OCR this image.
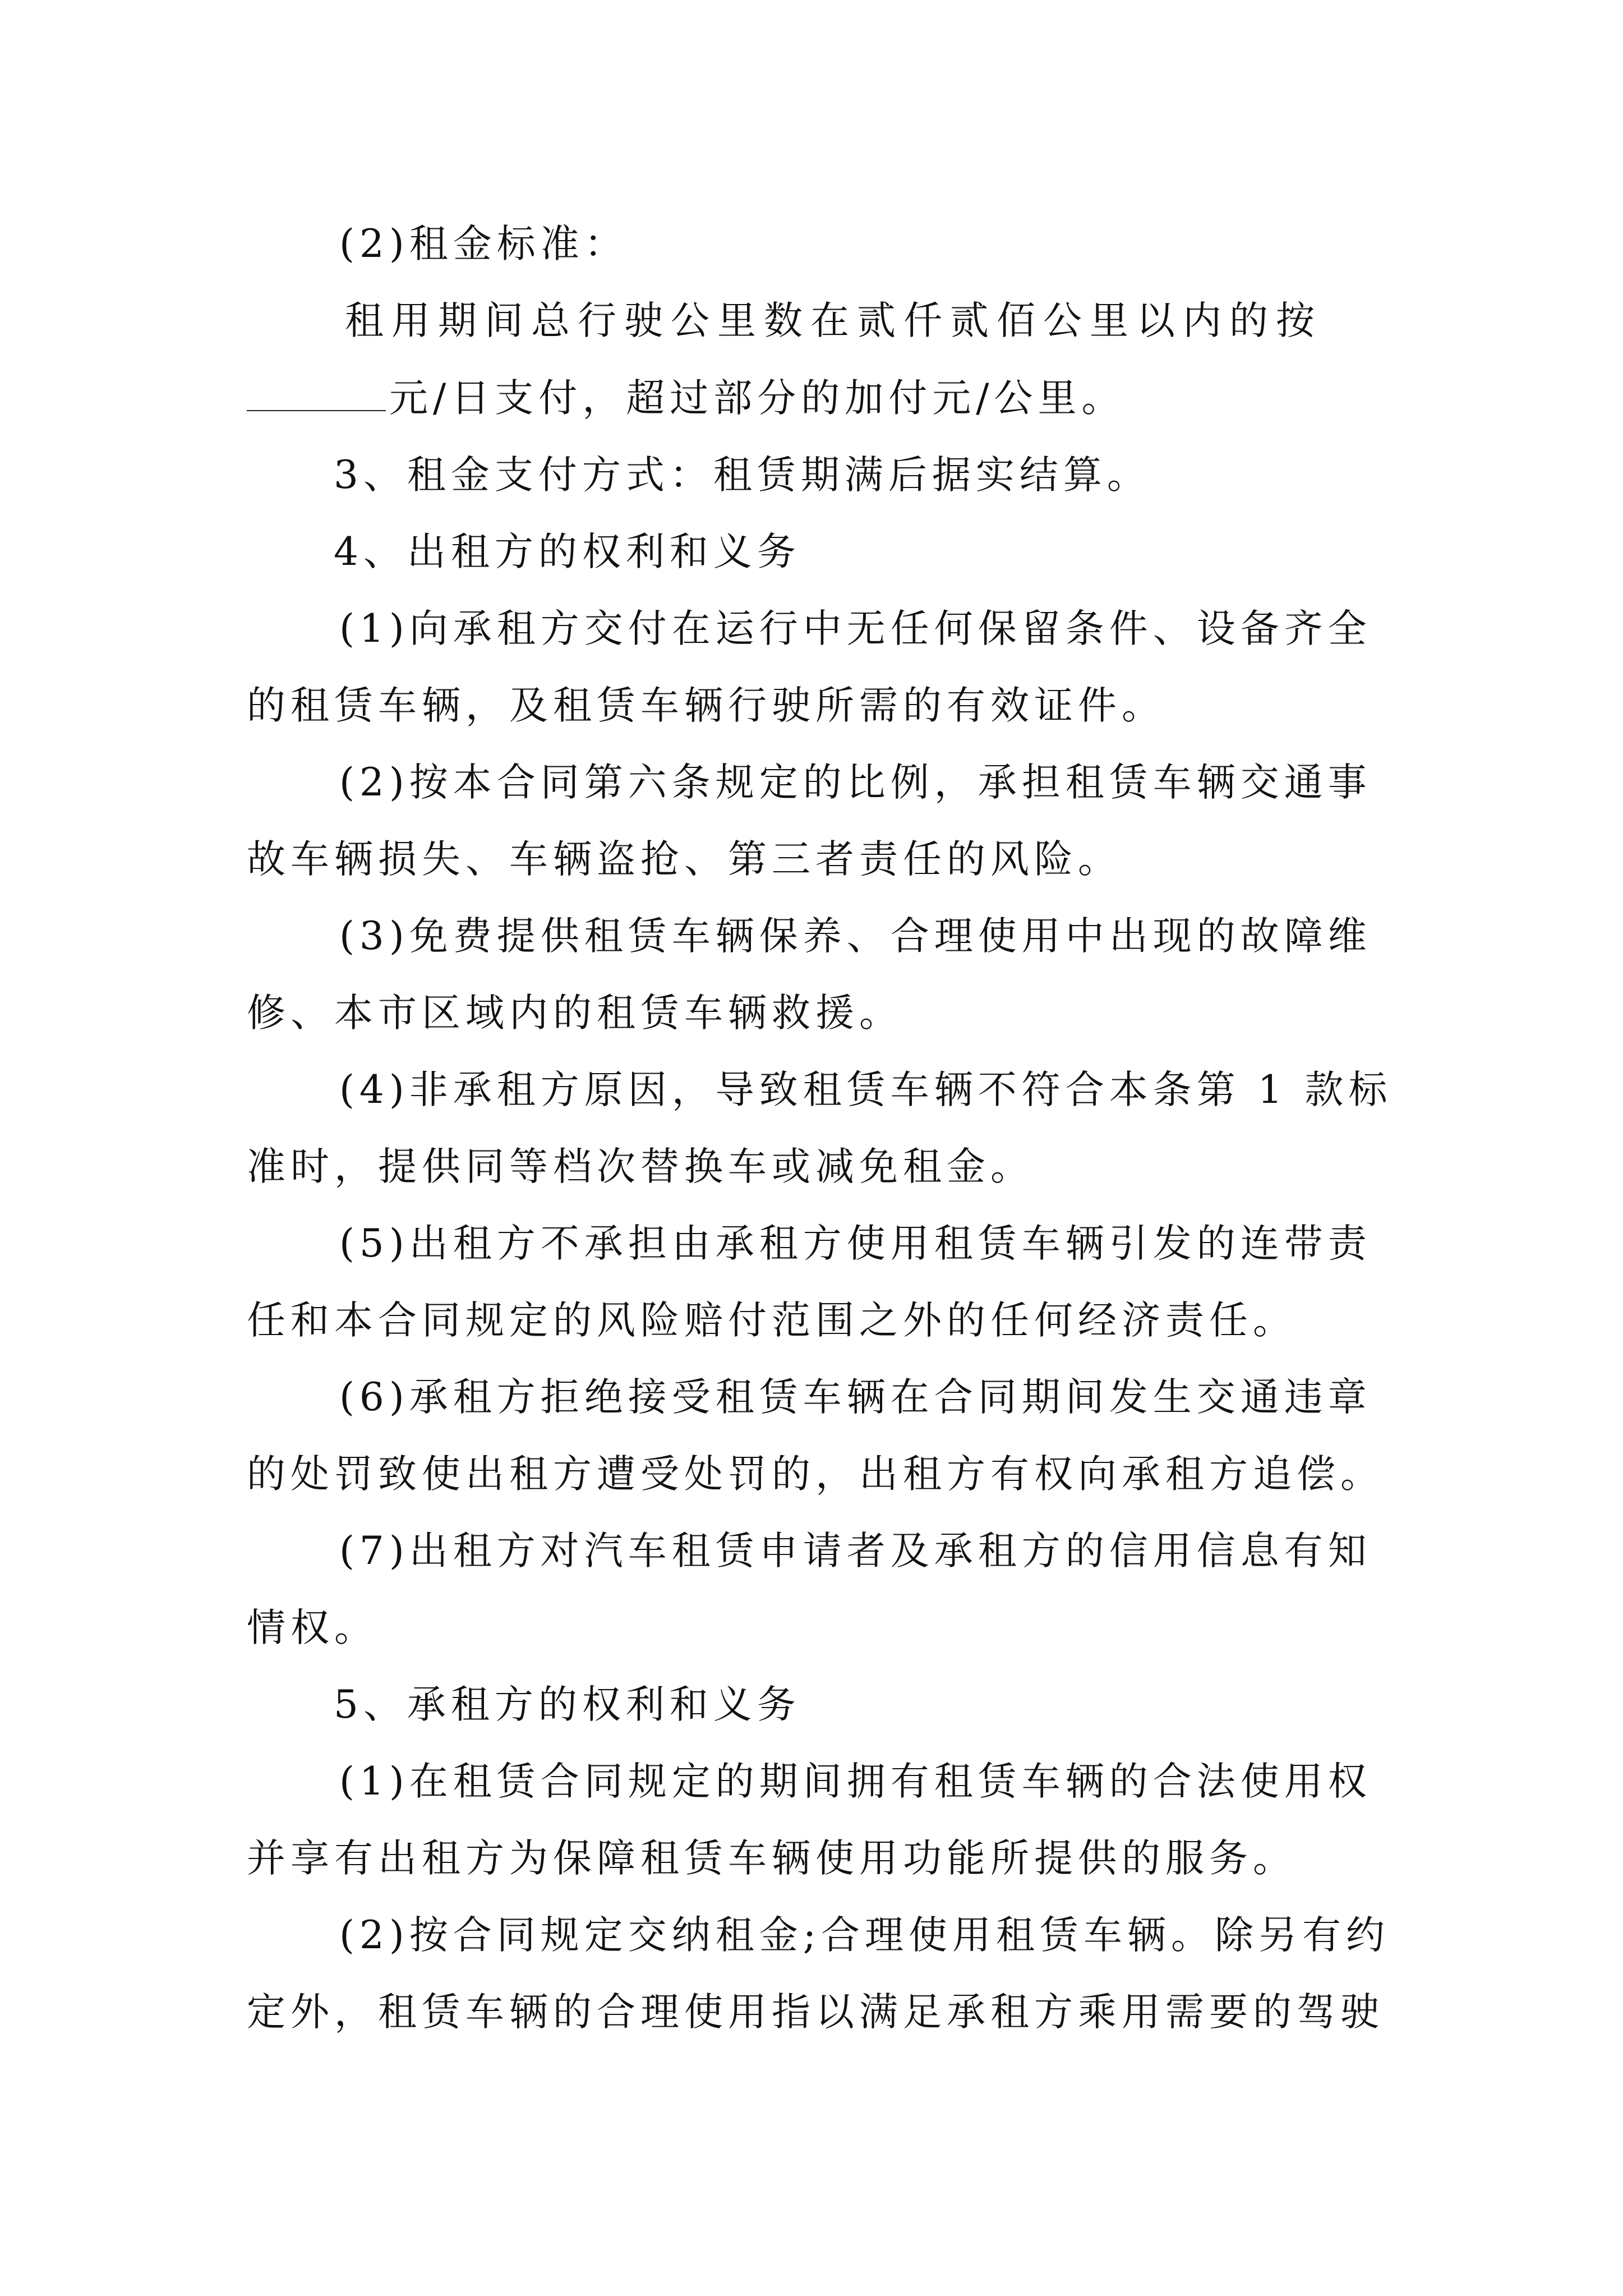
(2)租金标准：
租用期间总行驶公里数在贰仟贰佰公里以内的按
元/日支付，超过部分的加付元/公里。
3、租金支付方式：租赁期满后据实结算。
4、出租方的权利和义务
(1)向承租方交付在运行中无任何保留条件、设备齐全
的租赁车辆，及租赁车辆行驶所需的有效证件。
(2)按本合同第六条规定的比例，承担租赁车辆交通事
故车辆损失、车辆盗抢、第三者责任的风险。
(3)免费提供租赁车辆保养、合理使用中出现的故障维
修、本市区域内的租赁车辆救援。
(4)非承租方原因，导致租赁车辆不符合本条第 1 款标
准时，提供同等档次替换车或减免租金。
(5)出租方不承担由承租方使用租赁车辆引发的连带责
任和本合同规定的风险赔付范围之外的任何经济责任。
(6)承租方拒绝接受租赁车辆在合同期间发生交通违章
的处罚致使出租方遭受处罚的，出租方有权向承租方追偿。
(7)出租方对汽车租赁申请者及承租方的信用信息有知
情权。
5、承租方的权利和义务
(1)在租赁合同规定的期间拥有租赁车辆的合法使用权
并享有出租方为保障租赁车辆使用功能所提供的服务。
(2)按合同规定交纳租金;合理使用租赁车辆。除另有约
定外，租赁车辆的合理使用指以满足承租方乘用需要的驾驶
